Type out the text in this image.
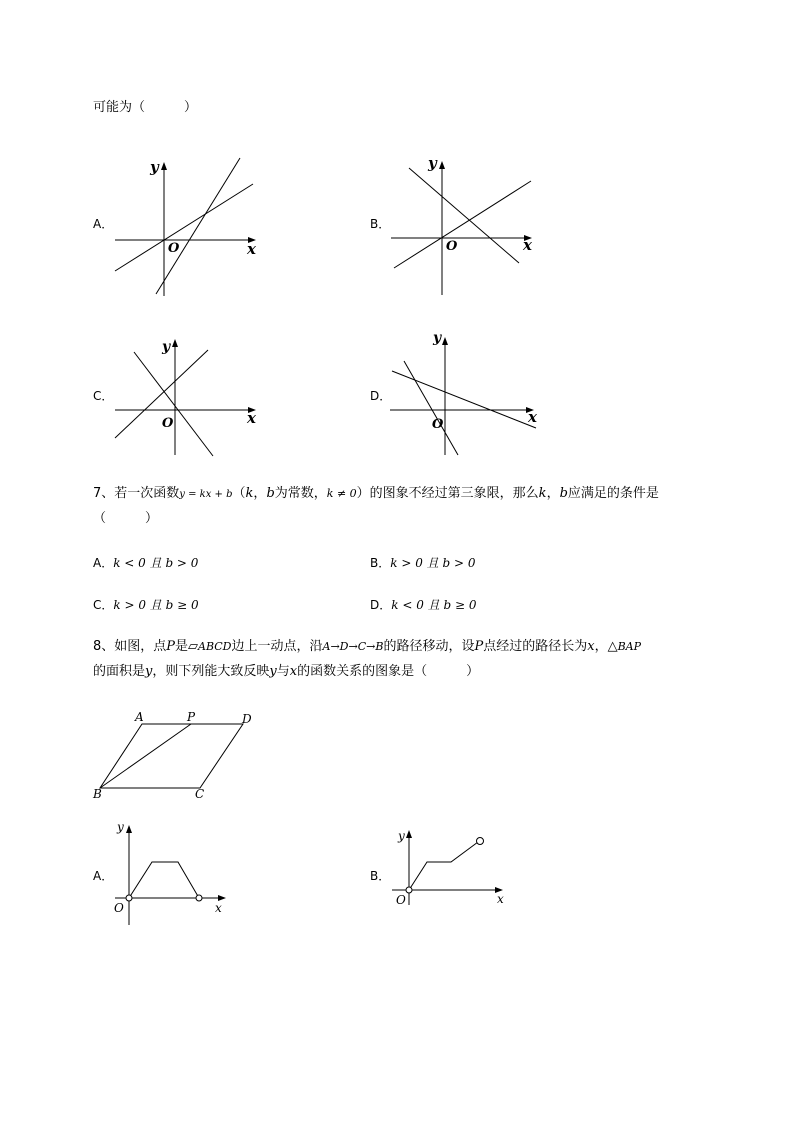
可能为（　　　）
A．
y
x
O
B．
y
x
O
C．
y
x
O
D．
y
x
O
7、若一次函数y = kx + b（k，b为常数，k ≠ 0）的图象不经过第三象限，那么k，b应满足的条件是
（　　　）
A．k < 0 且 b > 0	B．k > 0 且 b > 0
C．k > 0 且 b ≥ 0	D．k < 0 且 b ≥ 0
8、如图，点P是▱ABCD边上一动点，沿A→D→C→B的路径移动，设P点经过的路径长为x，△BAP
的面积是y，则下列能大致反映y与x的函数关系的图象是（　　　）
A	P	D
B	C
A．
y
x
O
B．
y
x
O
